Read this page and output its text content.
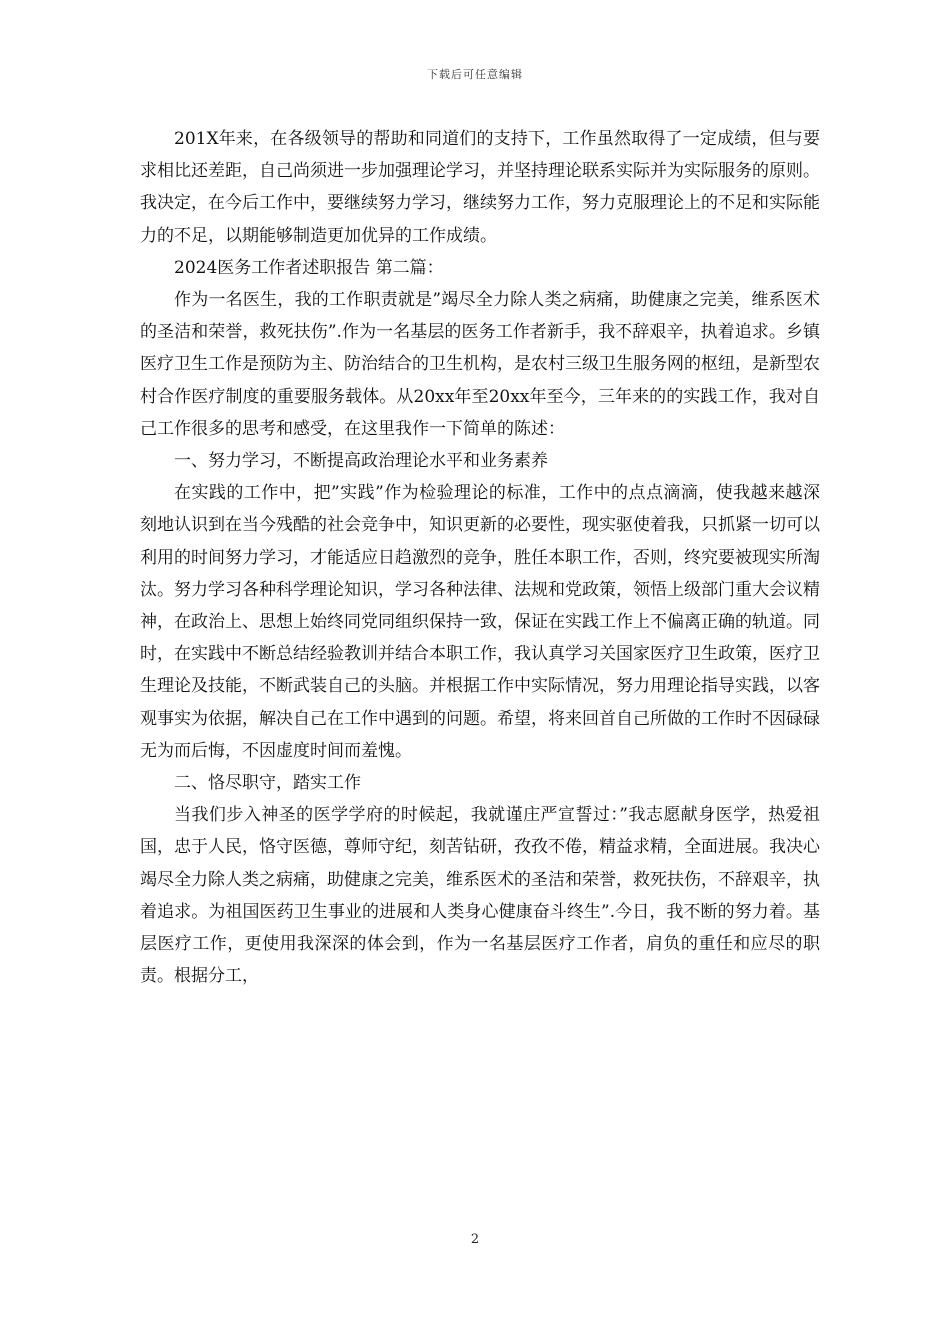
下载后可任意编辑

201X年来，在各级领导的帮助和同道们的支持下，工作虽然取得了一定成绩，但与要求相比还差距，自己尚须进一步加强理论学习，并坚持理论联系实际并为实际服务的原则。我决定，在今后工作中，要继续努力学习，继续努力工作，努力克服理论上的不足和实际能力的不足，以期能够制造更加优异的工作成绩。

2024医务工作者述职报告 第二篇：

作为一名医生，我的工作职责就是”竭尽全力除人类之病痛，助健康之完美，维系医术的圣洁和荣誉，救死扶伤”.作为一名基层的医务工作者新手，我不辞艰辛，执着追求。乡镇医疗卫生工作是预防为主、防治结合的卫生机构，是农村三级卫生服务网的枢纽，是新型农村合作医疗制度的重要服务载体。从20xx年至20xx年至今，三年来的的实践工作，我对自己工作很多的思考和感受，在这里我作一下简单的陈述：

一、努力学习，不断提高政治理论水平和业务素养

在实践的工作中，把”实践”作为检验理论的标准，工作中的点点滴滴，使我越来越深刻地认识到在当今残酷的社会竞争中，知识更新的必要性，现实驱使着我，只抓紧一切可以利用的时间努力学习，才能适应日趋激烈的竞争，胜任本职工作，否则，终究要被现实所淘汰。努力学习各种科学理论知识，学习各种法律、法规和党政策，领悟上级部门重大会议精神，在政治上、思想上始终同党同组织保持一致，保证在实践工作上不偏离正确的轨道。同时，在实践中不断总结经验教训并结合本职工作，我认真学习关国家医疗卫生政策，医疗卫生理论及技能，不断武装自己的头脑。并根据工作中实际情况，努力用理论指导实践，以客观事实为依据，解决自己在工作中遇到的问题。希望，将来回首自己所做的工作时不因碌碌无为而后悔，不因虚度时间而羞愧。

二、恪尽职守，踏实工作

当我们步入神圣的医学学府的时候起，我就谨庄严宣誓过：”我志愿献身医学，热爱祖国，忠于人民，恪守医德，尊师守纪，刻苦钻研，孜孜不倦，精益求精，全面进展。我决心竭尽全力除人类之病痛，助健康之完美，维系医术的圣洁和荣誉，救死扶伤，不辞艰辛，执着追求。为祖国医药卫生事业的进展和人类身心健康奋斗终生”.今日，我不断的努力着。基层医疗工作，更使用我深深的体会到，作为一名基层医疗工作者，肩负的重任和应尽的职责。根据分工，

2
